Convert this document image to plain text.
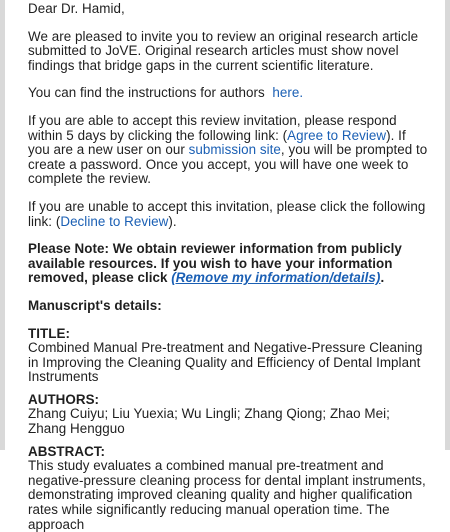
Dear Dr. Hamid,

We are pleased to invite you to review an original research article submitted to JoVE. Original research articles must show novel findings that bridge gaps in the current scientific literature.

You can find the instructions for authors here.

If you are able to accept this review invitation, please respond within 5 days by clicking the following link: (Agree to Review). If you are a new user on our submission site, you will be prompted to create a password. Once you accept, you will have one week to complete the review.

If you are unable to accept this invitation, please click the following link: (Decline to Review).

Please Note: We obtain reviewer information from publicly available resources. If you wish to have your information removed, please click (Remove my information/details).

Manuscript's details:

TITLE:

Combined Manual Pre-treatment and Negative-Pressure Cleaning in Improving the Cleaning Quality and Efficiency of Dental Implant Instruments

AUTHORS:

Zhang Cuiyu; Liu Yuexia; Wu Lingli; Zhang Qiong; Zhao Mei; Zhang Hengguo

ABSTRACT:

This study evaluates a combined manual pre-treatment and negative-pressure cleaning process for dental implant instruments, demonstrating improved cleaning quality and higher qualification rates while significantly reducing manual operation time. The approach
